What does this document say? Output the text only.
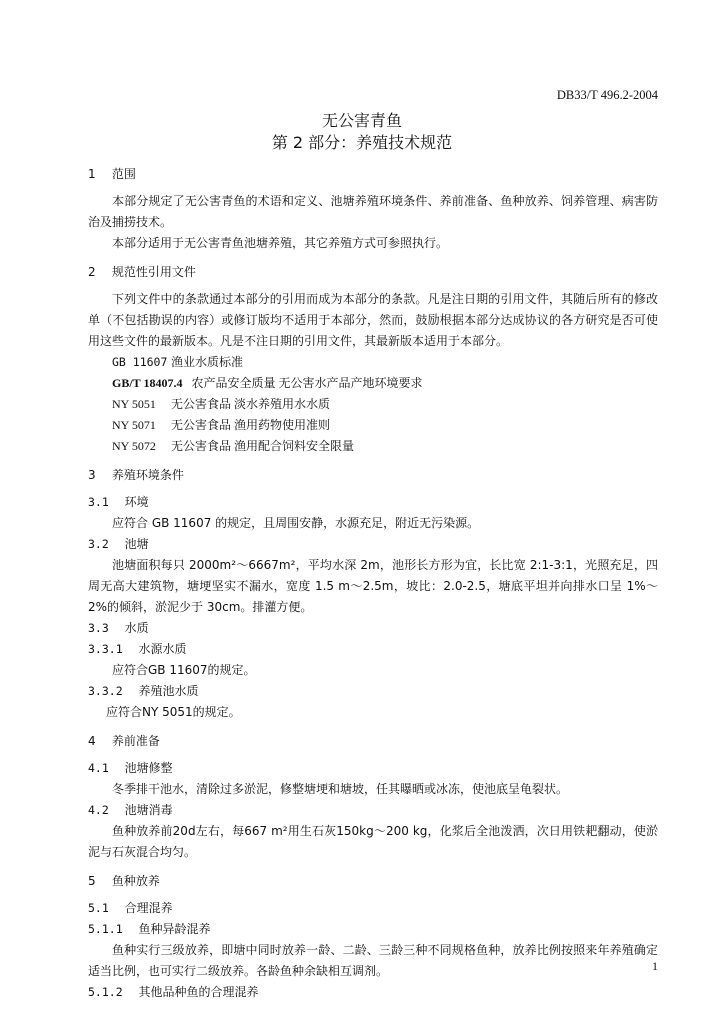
DB33/T 496.2-2004
无公害青鱼
第 2 部分：养殖技术规范
1 范围
本部分规定了无公害青鱼的术语和定义、池塘养殖环境条件、养前准备、鱼种放养、饲养管理、病害防治及捕捞技术。
本部分适用于无公害青鱼池塘养殖，其它养殖方式可参照执行。
2 规范性引用文件
下列文件中的条款通过本部分的引用而成为本部分的条款。凡是注日期的引用文件，其随后所有的修改单（不包括勘误的内容）或修订版均不适用于本部分，然而，鼓励根据本部分达成协议的各方研究是否可使用这些文件的最新版本。凡是不注日期的引用文件，其最新版本适用于本部分。
GB 11607 渔业水质标准
GB/T 18407.4 农产品安全质量 无公害水产品产地环境要求
NY 5051 无公害食品 淡水养殖用水水质
NY 5071 无公害食品 渔用药物使用准则
NY 5072 无公害食品 渔用配合饲料安全限量
3 养殖环境条件
3.1 环境
应符合 GB 11607 的规定，且周围安静，水源充足，附近无污染源。
3.2 池塘
池塘面积每只 2000m²～6667m²，平均水深 2m，池形长方形为宜，长比宽 2:1-3:1，光照充足，四周无高大建筑物，塘埂坚实不漏水，宽度 1.5 m～2.5m，坡比：2.0-2.5，塘底平坦并向排水口呈 1%～2%的倾斜，淤泥少于 30cm。排灌方便。
3.3 水质
3.3.1 水源水质
应符合GB 11607的规定。
3.3.2 养殖池水质
应符合NY 5051的规定。
4 养前准备
4.1 池塘修整
冬季排干池水，清除过多淤泥，修整塘埂和塘坡，任其曝晒或冰冻，使池底呈龟裂状。
4.2 池塘消毒
鱼种放养前20d左右，每667 m²用生石灰150kg～200 kg，化浆后全池泼洒，次日用铁耙翻动，使淤泥与石灰混合均匀。
5 鱼种放养
5.1 合理混养
5.1.1 鱼种异龄混养
鱼种实行三级放养，即塘中同时放养一龄、二龄、三龄三种不同规格鱼种，放养比例按照来年养殖确定适当比例，也可实行二级放养。各龄鱼种余缺相互调剂。
5.1.2 其他品种鱼的合理混养
1
